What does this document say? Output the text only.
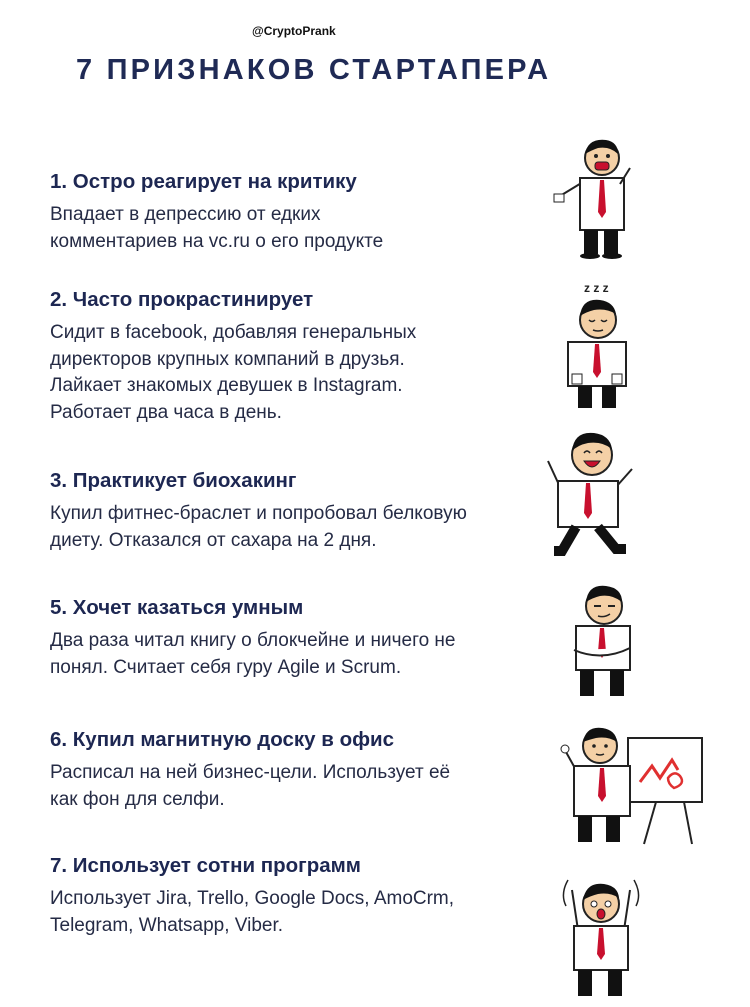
@CryptoPrank
7 ПРИЗНАКОВ СТАРТАПЕРА
1. Остро реагирует на критику

Впадает в депрессию от едких
комментариев на vc.ru о его продукте

2. Часто прокрастинирует

Сидит в facebook, добавляя генеральных
директоров крупных компаний в друзья.
Лайкает знакомых девушек в Instagram.
Работает два часа в день.

3. Практикует биохакинг

Купил фитнес-браслет и попробовал белковую
диету. Отказался от сахара на 2 дня.

5. Хочет казаться умным

Два раза читал книгу о блокчейне и ничего не
понял. Считает себя гуру Agile и Scrum.

6. Купил магнитную доску в офис

Расписал на ней бизнес-цели. Использует её
как фон для селфи.

7. Использует сотни программ

Использует Jira, Trello, Google Docs, AmoCrm,
Telegram, Whatsapp, Viber.

z z z
